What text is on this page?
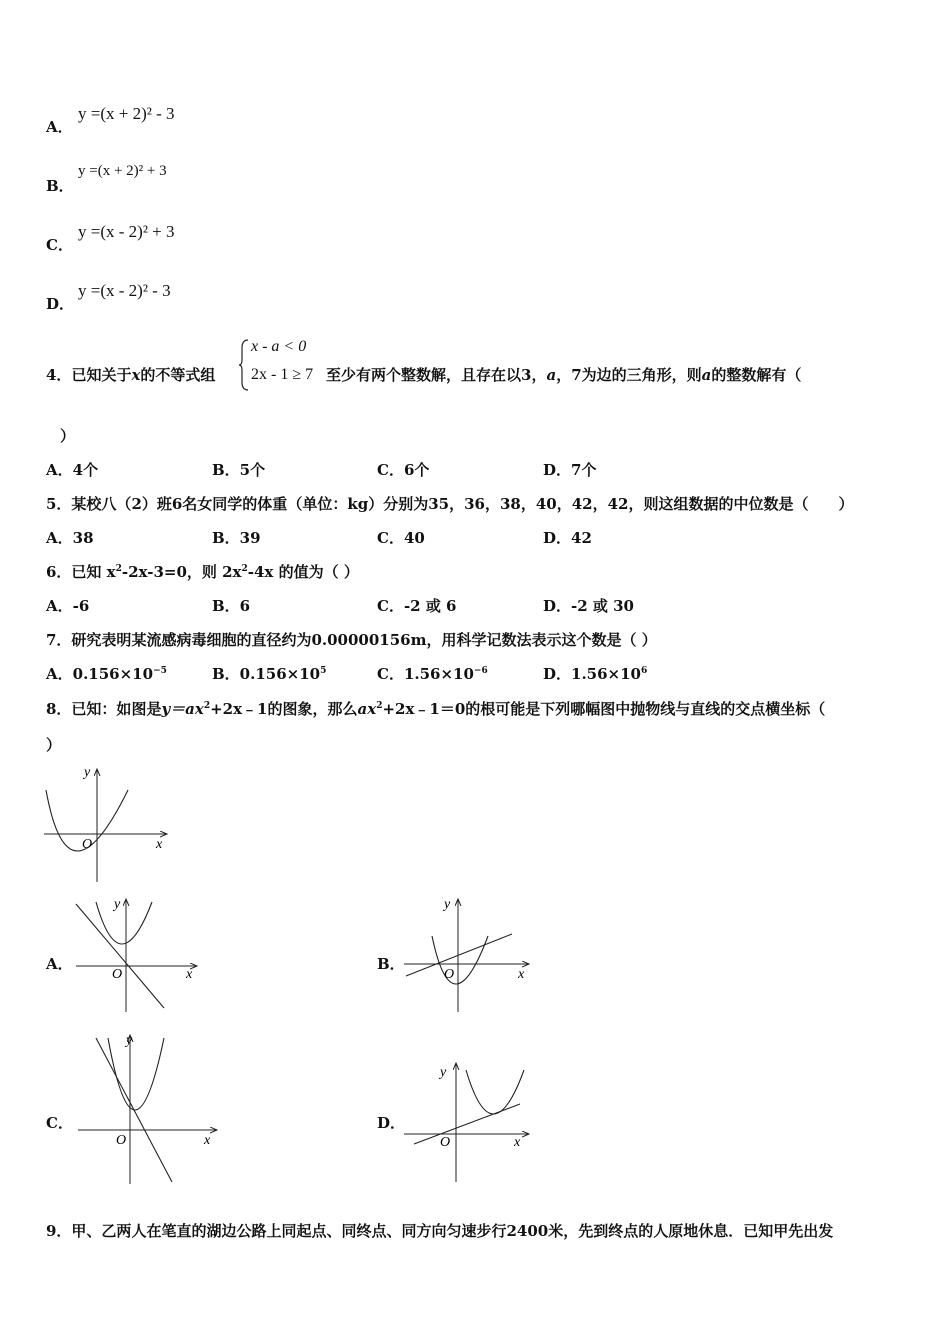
A．
y =(x + 2)² - 3
B．
y =(x + 2)² + 3
C．
y =(x - 2)² + 3
D．
y =(x - 2)² - 3
4．已知关于x的不等式组
x - a < 0
2x - 1 ≥ 7 至少有两个整数解，且存在以3，a，7为边的三角形，则a的整数解有（
）
A．4个	B．5个	C．6个	D．7个
5．某校八（2）班6名女同学的体重（单位：kg）分别为35，36，38，40，42，42，则这组数据的中位数是（　　）
A．38	B．39	C．40	D．42
6．已知 $x^2-2x-3=0$，则 $2x^2-4x$ 的值为（ ）
A．-6	B．6	C．-2 或 6	D．-2 或 30
7．研究表明某流感病毒细胞的直径约为0.00000156m，用科学记数法表示这个数是（ ）
A．$0.156\times 10^{-5}$	B．$0.156\times 10^5$	C．$1.56\times 10^{-6}$	D．$1.56\times 10^6$
8．已知：如图是$y=ax^2+2x﹣1$的图象，那么$ax^2+2x﹣1=0$的根可能是下列哪幅图中抛物线与直线的交点横坐标（
）
x
y
O
A．
x
y
O
B．
x
y
O
C．
x
y
O
D．
x
y
O
9．甲、乙两人在笔直的湖边公路上同起点、同终点、同方向匀速步行2400米，先到终点的人原地休息．已知甲先出发
